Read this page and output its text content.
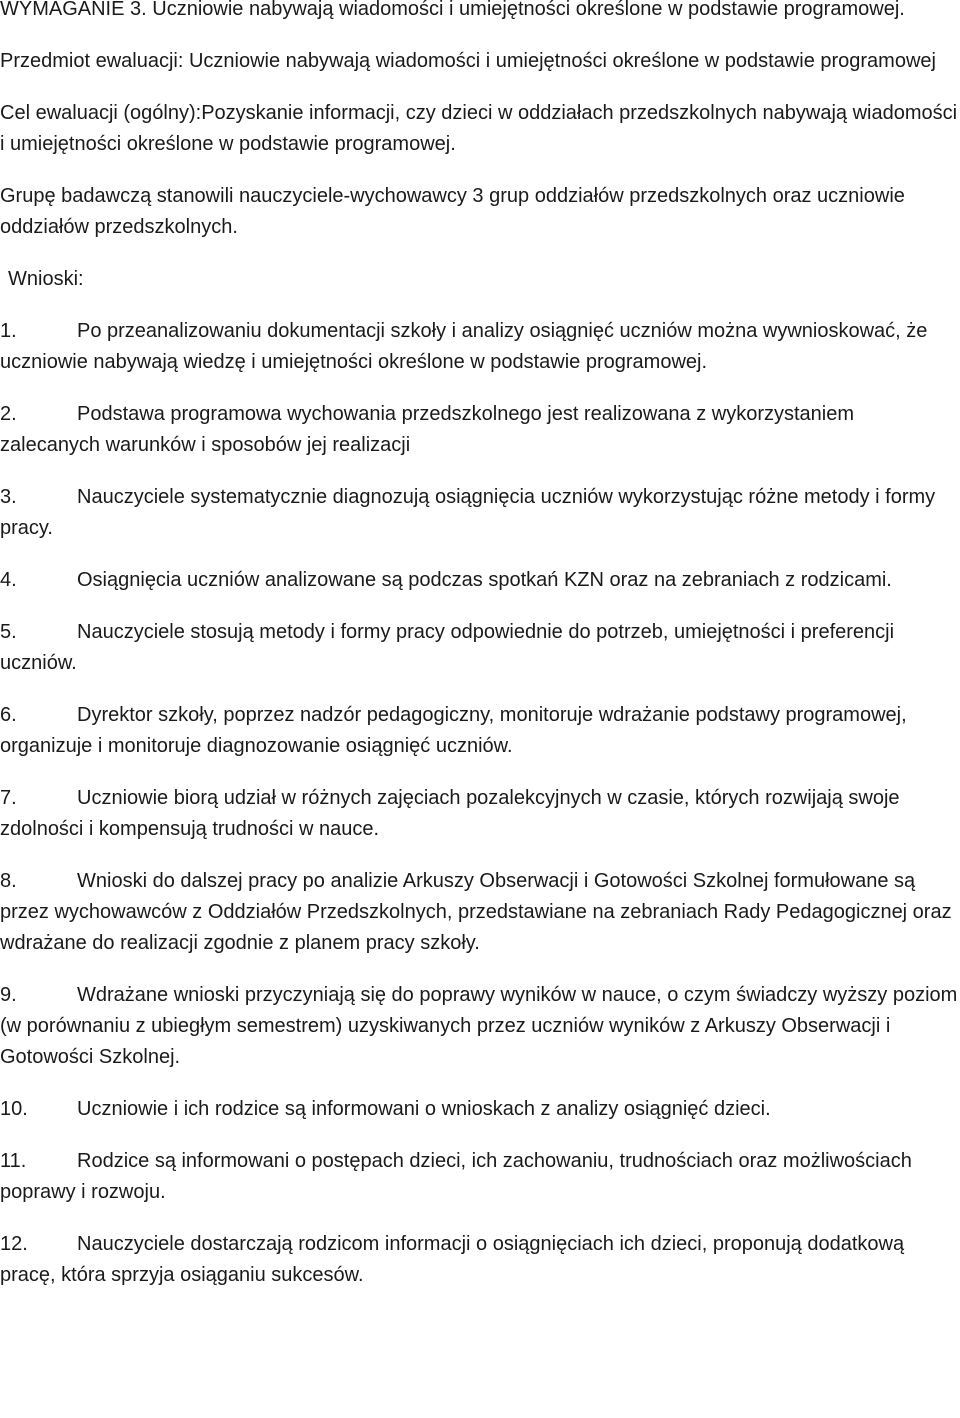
WYMAGANIE 3. Uczniowie nabywają wiadomości i umiejętności określone w podstawie programowej.

Przedmiot ewaluacji: Uczniowie nabywają wiadomości i umiejętności określone w podstawie programowej

Cel ewaluacji (ogólny):Pozyskanie informacji, czy dzieci w oddziałach przedszkolnych nabywają wiadomości i umiejętności określone w podstawie programowej.

Grupę badawczą stanowili nauczyciele-wychowawcy 3 grup oddziałów przedszkolnych oraz uczniowie oddziałów przedszkolnych.

Wnioski:

1.	Po przeanalizowaniu dokumentacji szkoły i analizy osiągnięć uczniów można wywnioskować, że uczniowie nabywają wiedzę i umiejętności określone w podstawie programowej.

2.	Podstawa programowa wychowania przedszkolnego jest realizowana z wykorzystaniem zalecanych warunków i sposobów jej realizacji

3.	Nauczyciele systematycznie diagnozują osiągnięcia uczniów wykorzystując różne metody i formy pracy.

4.	Osiągnięcia uczniów analizowane są podczas spotkań KZN oraz na zebraniach z rodzicami.

5.	Nauczyciele stosują metody i formy pracy odpowiednie do potrzeb, umiejętności i preferencji uczniów.

6.	Dyrektor szkoły, poprzez nadzór pedagogiczny, monitoruje wdrażanie podstawy programowej, organizuje i monitoruje diagnozowanie osiągnięć uczniów.

7.	Uczniowie biorą udział w różnych zajęciach pozalekcyjnych w czasie, których rozwijają swoje zdolności i kompensują trudności w nauce.

8.	Wnioski do dalszej pracy po analizie Arkuszy Obserwacji i Gotowości Szkolnej formułowane są przez wychowawców z Oddziałów Przedszkolnych, przedstawiane na zebraniach Rady Pedagogicznej oraz wdrażane do realizacji zgodnie z planem pracy szkoły.

9.	Wdrażane wnioski przyczyniają się do poprawy wyników w nauce, o czym świadczy wyższy poziom (w porównaniu z ubiegłym semestrem) uzyskiwanych przez uczniów wyników z Arkuszy Obserwacji i Gotowości Szkolnej.

10. Uczniowie i ich rodzice są informowani o wnioskach z analizy osiągnięć dzieci.

11.	Rodzice są informowani o postępach dzieci, ich zachowaniu, trudnościach oraz możliwościach poprawy i rozwoju.

12. Nauczyciele dostarczają rodzicom informacji o osiągnięciach ich dzieci, proponują dodatkową pracę, która sprzyja osiąganiu sukcesów.
